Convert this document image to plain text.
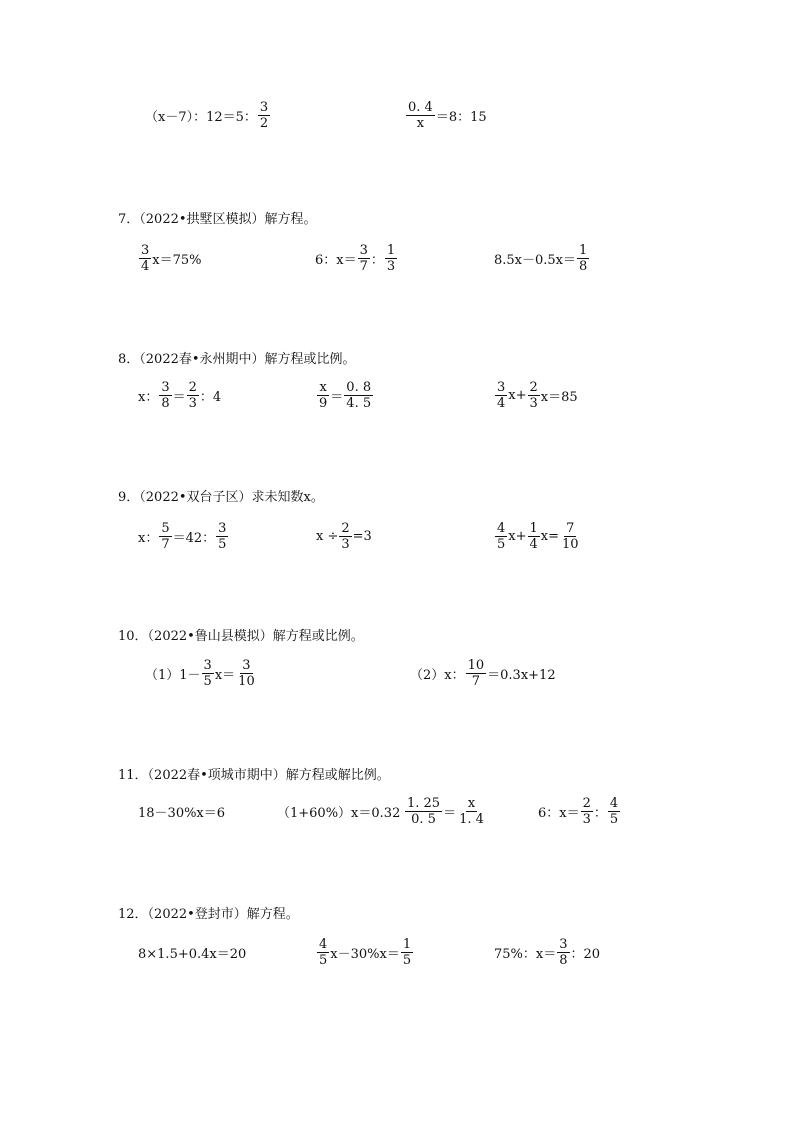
（x－7）：12＝5： $\frac{3}{2}$	$\frac{0. 4}{x} =8$：15
7．（2022•拱墅区模拟）解方程。
$\frac{3}{4} x=75\%$	6：$x= \frac{3}{7}$ ： $\frac{1}{3}$	$8.5x-0.5x= \frac{1}{8}$
8．（2022春•永州期中）解方程或比例。
x： $\frac{3}{8} = \frac{2}{3}$ ：4	$\frac{x}{9} = \frac{0. 8}{4. 5}$	$\frac{3}{4} x+ \frac{2}{3} x=85$
9．（2022•双台子区）求未知数x。
x： $\frac{5}{7} =42$： $\frac{3}{5}$	$x \div \frac{2}{3} =3$	$\frac{4}{5} x+ \frac{1}{4} x= \frac{7}{10}$
10．（2022•鲁山县模拟）解方程或比例。
$(1)1- \frac{3}{5} x= \frac{3}{10}$	（2）x： $\frac{10}{7} =0.3x+12$
11．（2022春•项城市期中）解方程或解比例。
18－30%x＝6	$(1+60\%)x=0.32 \frac{1. 25}{0. 5} = \frac{x}{1. 4}$	6：$x= \frac{2}{3}$ ： $\frac{4}{5}$
12．（2022•登封市）解方程。
8×1.5+0.4x＝20	$\frac{4}{5} x-30\%x= \frac{1}{5}$	75%：$x= \frac{3}{8}$ ：20
